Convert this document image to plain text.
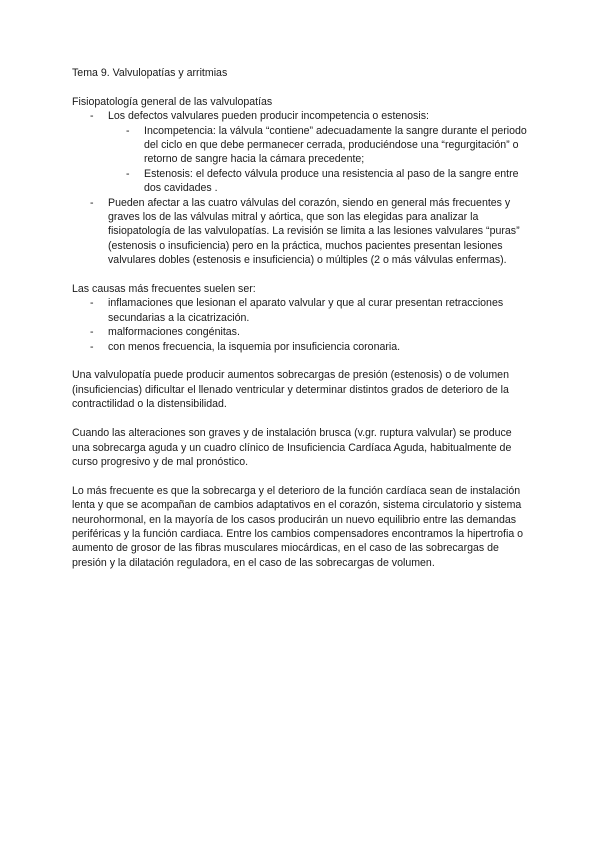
Tema 9. Valvulopatías y arritmias

Fisiopatología general de las valvulopatías

- Los defectos valvulares pueden producir incompetencia o estenosis:
- Incompetencia: la válvula “contiene” adecuadamente la sangre durante el periodo del ciclo en que debe permanecer cerrada, produciéndose una “regurgitación” o retorno de sangre hacia la cámara precedente;
- Estenosis: el defecto válvula produce una resistencia al paso de la sangre entre dos cavidades .
- Pueden afectar a las cuatro válvulas del corazón, siendo en general más frecuentes y graves los de las válvulas mitral y aórtica, que son las elegidas para analizar la fisiopatología de las valvulopatías. La revisión se limita a las lesiones valvulares “puras” (estenosis o insuficiencia) pero en la práctica, muchos pacientes presentan lesiones valvulares dobles (estenosis e insuficiencia) o múltiples (2 o más válvulas enfermas).

Las causas más frecuentes suelen ser:

- inflamaciones que lesionan el aparato valvular y que al curar presentan retracciones secundarias a la cicatrización.
- malformaciones congénitas.
- con menos frecuencia, la isquemia por insuficiencia coronaria.

Una valvulopatía puede producir aumentos sobrecargas de presión (estenosis) o de volumen (insuficiencias) dificultar el llenado ventricular y determinar distintos grados de deterioro de la contractilidad o la distensibilidad.

Cuando las alteraciones son graves y de instalación brusca (v.gr. ruptura valvular) se produce una sobrecarga aguda y un cuadro clínico de Insuficiencia Cardíaca Aguda, habitualmente de curso progresivo y de mal pronóstico.

Lo más frecuente es que la sobrecarga y el deterioro de la función cardíaca sean de instalación lenta y que se acompañan de cambios adaptativos en el corazón, sistema circulatorio y sistema neurohormonal, en la mayoría de los casos producirán un nuevo equilibrio entre las demandas periféricas y la función cardiaca. Entre los cambios compensadores encontramos la hipertrofia o aumento de grosor de las fibras musculares miocárdicas, en el caso de las sobrecargas de presión y la dilatación reguladora, en el caso de las sobrecargas de volumen.
